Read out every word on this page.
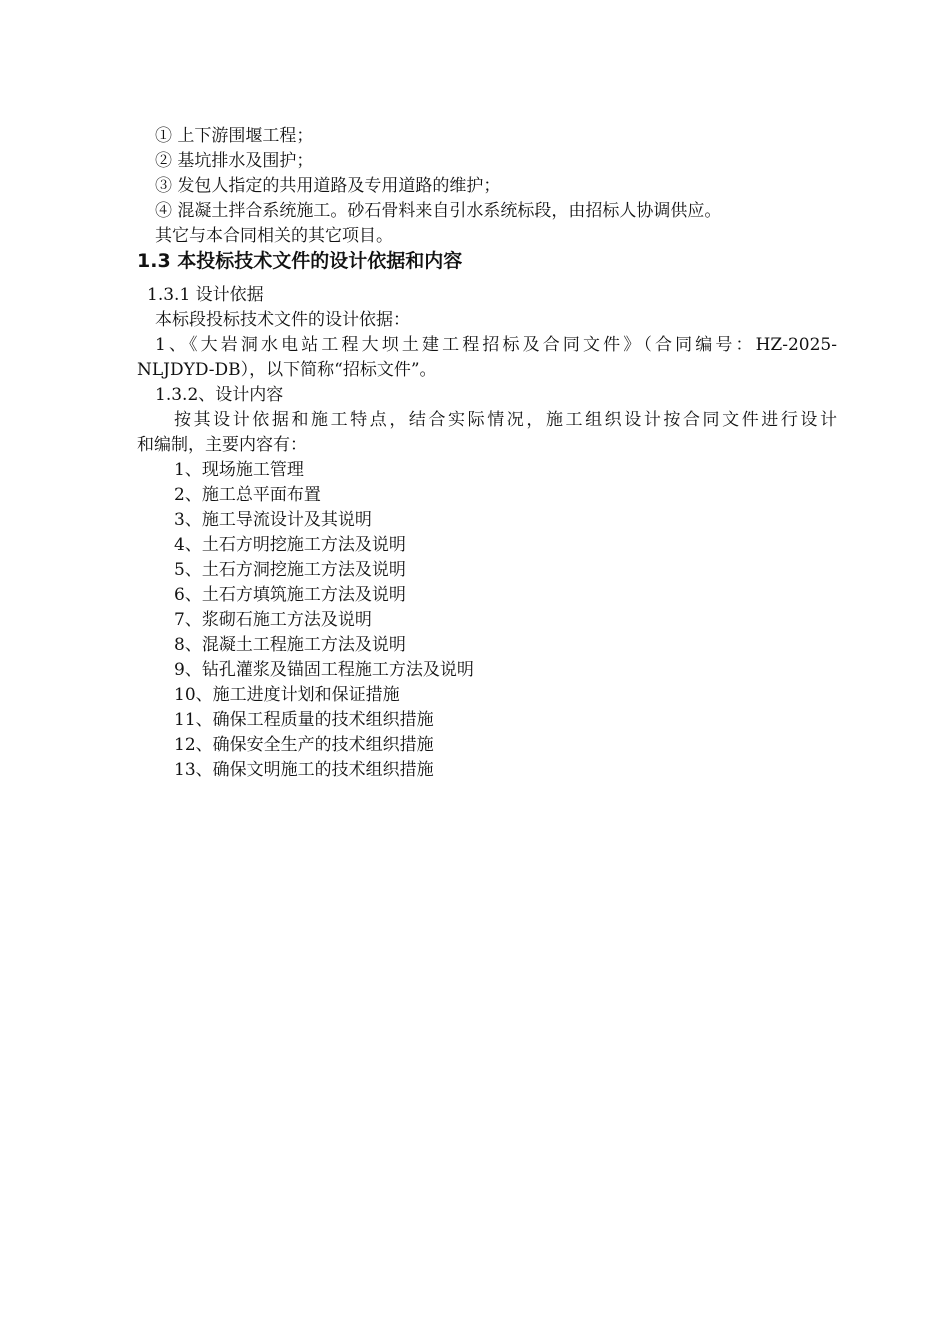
① 上下游围堰工程；
② 基坑排水及围护；
③ 发包人指定的共用道路及专用道路的维护；
④ 混凝土拌合系统施工。砂石骨料来自引水系统标段，由招标人协调供应。
其它与本合同相关的其它项目。
1.3 本投标技术文件的设计依据和内容
1.3.1 设计依据
本标段投标技术文件的设计依据：
1、《大岩洞水电站工程大坝土建工程招标及合同文件》（合同编号：HZ-2025-
NLJDYD-DB），以下简称“招标文件”。
1.3.2、设计内容
按其设计依据和施工特点，结合实际情况，施工组织设计按合同文件进行设计
和编制，主要内容有：
1、现场施工管理
2、施工总平面布置
3、施工导流设计及其说明
4、土石方明挖施工方法及说明
5、土石方洞挖施工方法及说明
6、土石方填筑施工方法及说明
7、浆砌石施工方法及说明
8、混凝土工程施工方法及说明
9、钻孔灌浆及锚固工程施工方法及说明
10、施工进度计划和保证措施
11、确保工程质量的技术组织措施
12、确保安全生产的技术组织措施
13、确保文明施工的技术组织措施
